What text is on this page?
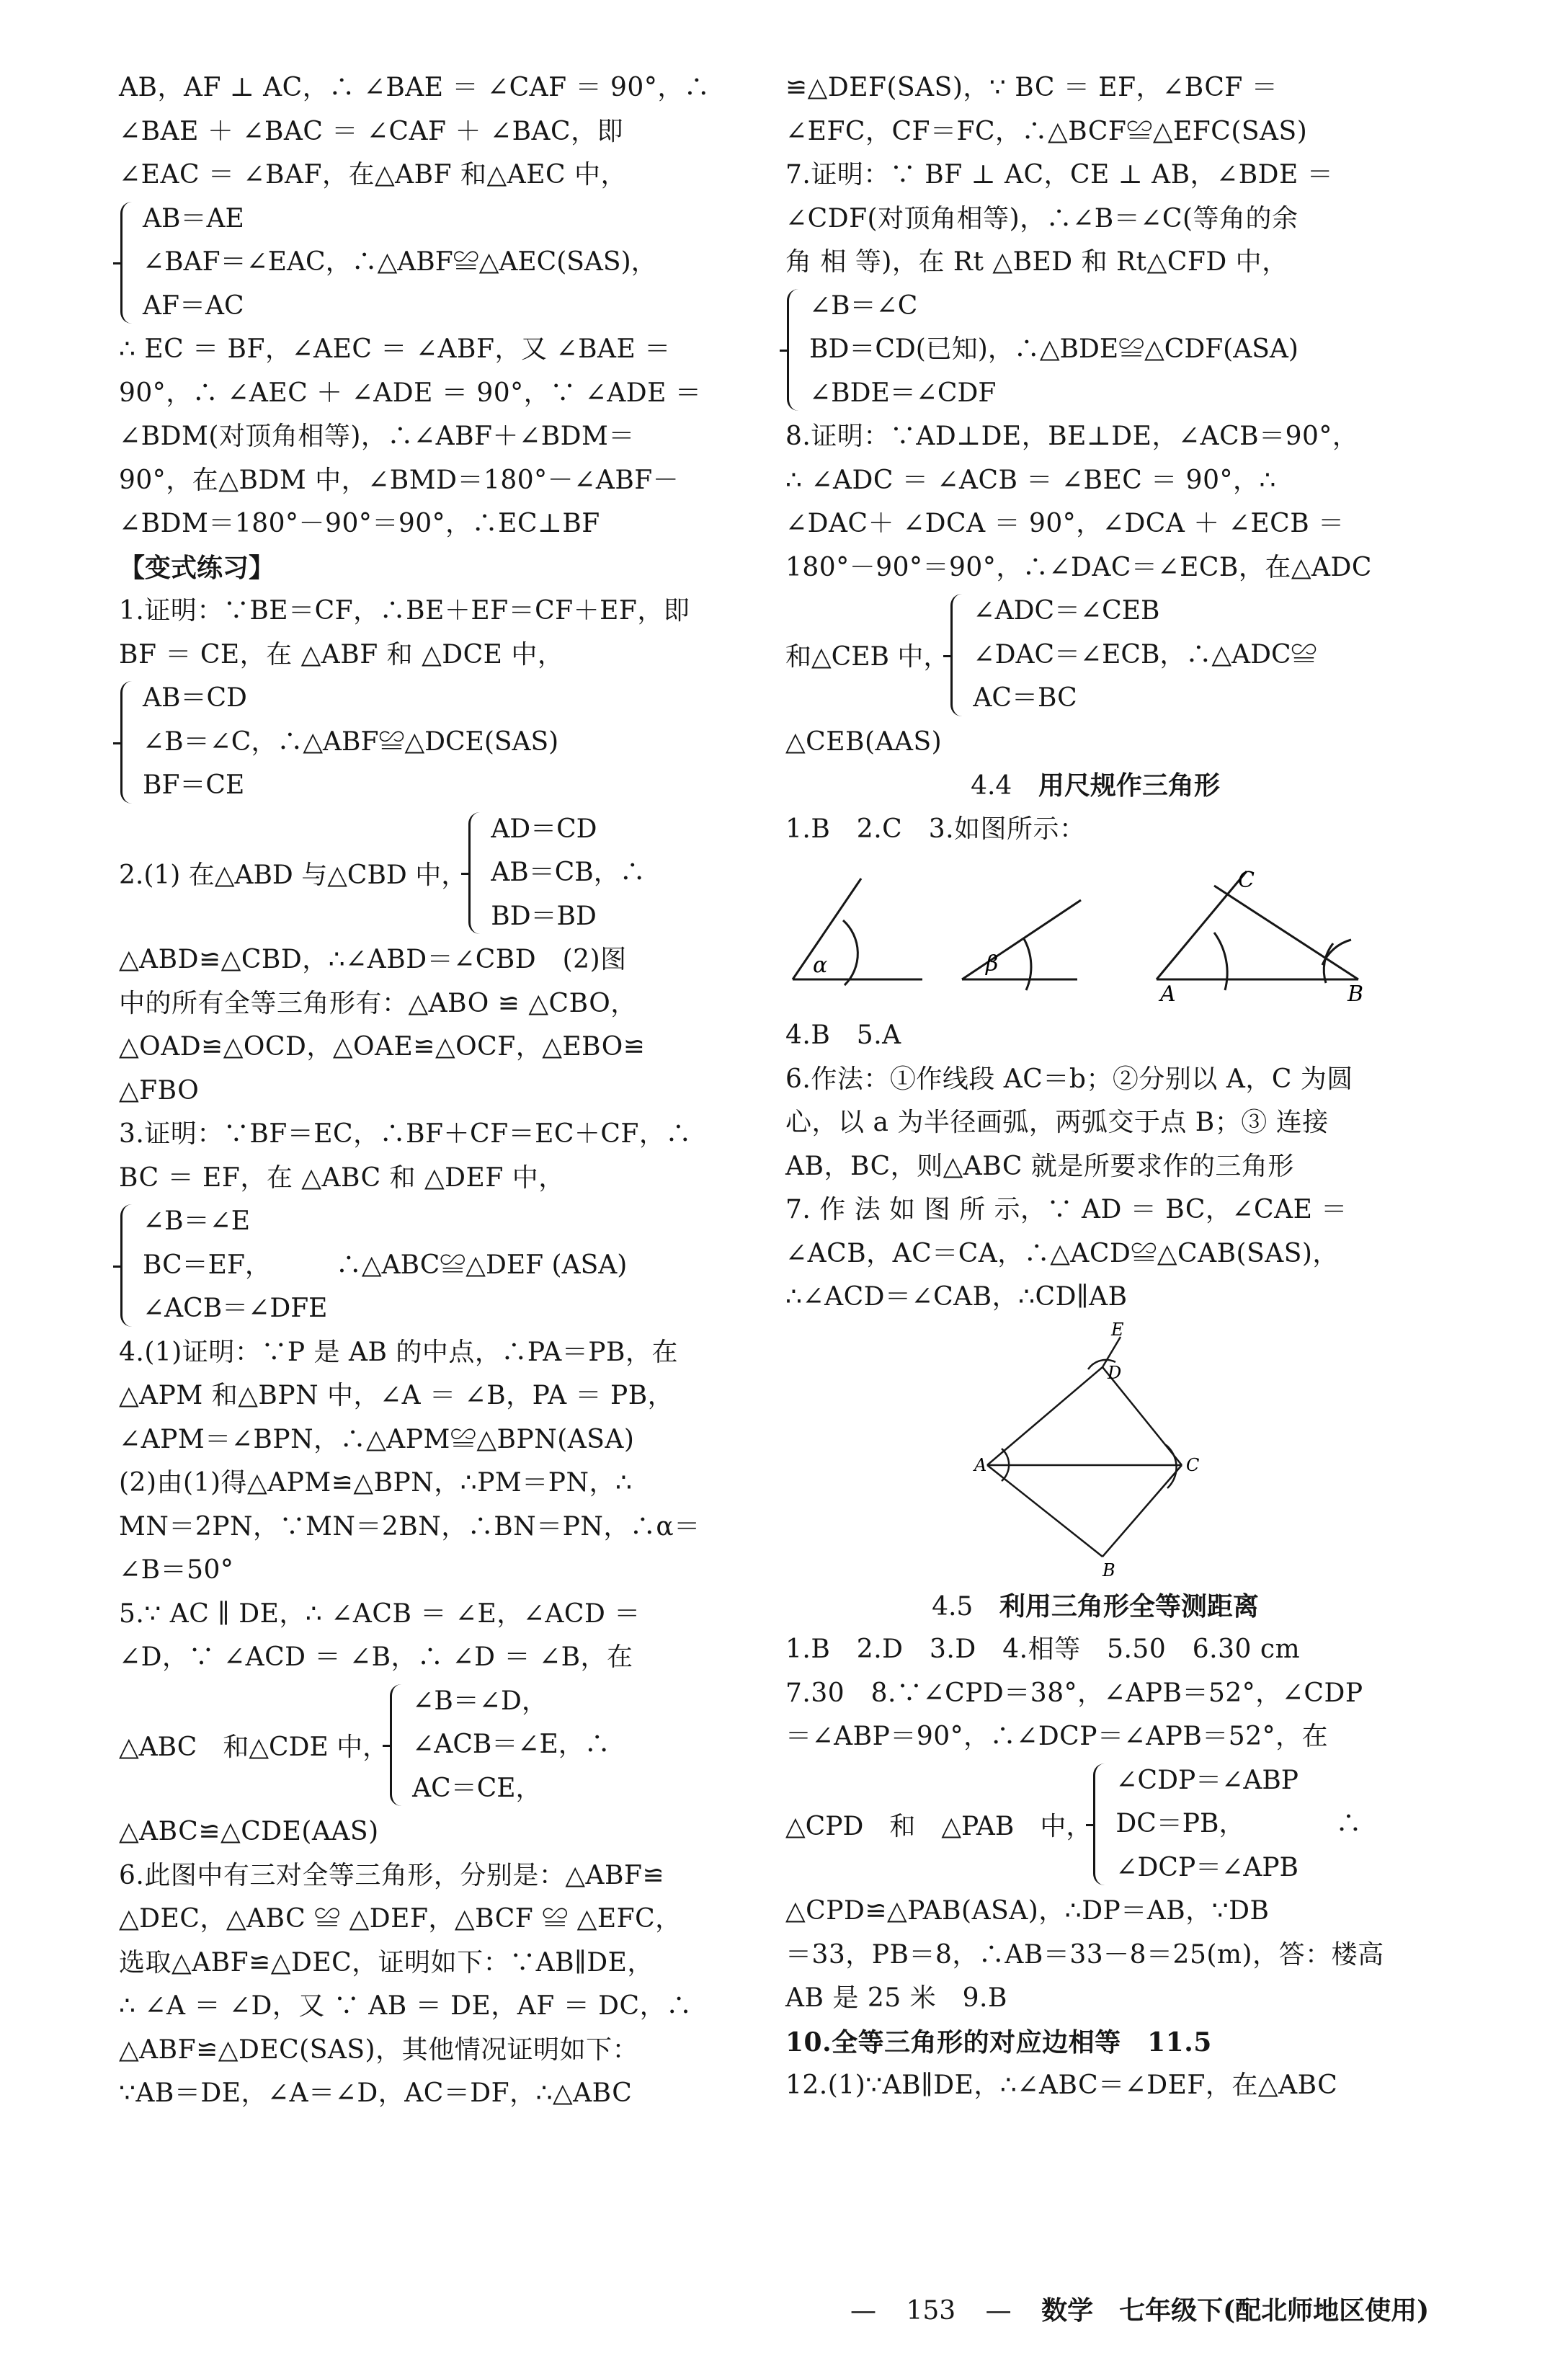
AB，AF ⊥ AC，∴ ∠BAE ＝ ∠CAF ＝ 90°，∴
∠BAE ＋ ∠BAC ＝ ∠CAF ＋ ∠BAC，即
∠EAC ＝ ∠BAF，在△ABF 和△AEC 中，
AB＝AE
∠BAF＝∠EAC，∴△ABF≌△AEC(SAS)，
AF＝AC
∴ EC ＝ BF，∠AEC ＝ ∠ABF，又 ∠BAE ＝
90°，∴ ∠AEC ＋ ∠ADE ＝ 90°，∵ ∠ADE ＝
∠BDM(对顶角相等)，∴∠ABF＋∠BDM＝
90°，在△BDM 中，∠BMD＝180°－∠ABF－
∠BDM＝180°－90°＝90°，∴EC⊥BF
【变式练习】
1.证明：∵BE＝CF，∴BE＋EF＝CF＋EF，即
BF ＝ CE，在 △ABF 和 △DCE 中，
AB＝CD
∠B＝∠C，∴△ABF≌△DCE(SAS)
BF＝CE
2.(1) 在△ABD 与△CBD 中，
AD＝CD
AB＝CB，∴
BD＝BD
△ABD≌△CBD，∴∠ABD＝∠CBD　(2)图
中的所有全等三角形有：△ABO ≌ △CBO，
△OAD≌△OCD，△OAE≌△OCF，△EBO≌
△FBO
3.证明：∵BF＝EC，∴BF＋CF＝EC＋CF，∴
BC ＝ EF，在 △ABC 和 △DEF 中，
∠B＝∠E
BC＝EF，　　　∴△ABC≌△DEF (ASA)
∠ACB＝∠DFE
4.(1)证明：∵P 是 AB 的中点，∴PA＝PB，在
△APM 和△BPN 中，∠A ＝ ∠B，PA ＝ PB，
∠APM＝∠BPN，∴△APM≌△BPN(ASA)
(2)由(1)得△APM≌△BPN，∴PM＝PN，∴
MN＝2PN，∵MN＝2BN，∴BN＝PN，∴α＝
∠B＝50°
5.∵ AC ∥ DE，∴ ∠ACB ＝ ∠E，∠ACD ＝
∠D，∵ ∠ACD ＝ ∠B，∴ ∠D ＝ ∠B，在
△ABC　和△CDE 中，
∠B＝∠D，
∠ACB＝∠E，∴
AC＝CE，
△ABC≌△CDE(AAS)
6.此图中有三对全等三角形，分别是：△ABF≌
△DEC，△ABC ≌ △DEF，△BCF ≌ △EFC，
选取△ABF≌△DEC，证明如下：∵AB∥DE，
∴ ∠A ＝ ∠D，又 ∵ AB ＝ DE，AF ＝ DC，∴
△ABF≌△DEC(SAS)，其他情况证明如下：
∵AB＝DE，∠A＝∠D，AC＝DF，∴△ABC
≌△DEF(SAS)，∵ BC ＝ EF，∠BCF ＝
∠EFC，CF＝FC，∴△BCF≌△EFC(SAS)
7.证明：∵ BF ⊥ AC，CE ⊥ AB，∠BDE ＝
∠CDF(对顶角相等)，∴∠B＝∠C(等角的余
角 相 等)，在 Rt △BED 和 Rt△CFD 中，
∠B＝∠C
BD＝CD(已知)，∴△BDE≌△CDF(ASA)
∠BDE＝∠CDF
8.证明：∵AD⊥DE，BE⊥DE，∠ACB＝90°，
∴ ∠ADC ＝ ∠ACB ＝ ∠BEC ＝ 90°，∴
∠DAC＋ ∠DCA ＝ 90°，∠DCA ＋ ∠ECB ＝
180°－90°＝90°，∴∠DAC＝∠ECB，在△ADC
和△CEB 中，
∠ADC＝∠CEB
∠DAC＝∠ECB，∴△ADC≌
AC＝BC
△CEB(AAS)
4.4 用尺规作三角形
1.B　2.C　3.如图所示：
α	β
A	B
C
4.B　5.A
6.作法：①作线段 AC＝b；②分别以 A，C 为圆
心，以 a 为半径画弧，两弧交于点 B；③ 连接
AB，BC，则△ABC 就是所要求作的三角形
7. 作 法 如 图 所 示，∵ AD ＝ BC，∠CAE ＝
∠ACB，AC＝CA，∴△ACD≌△CAB(SAS)，
∴∠ACD＝∠CAB，∴CD∥AB
E
D
A	C
B
4.5 利用三角形全等测距离
1.B　2.D　3.D　4.相等　5.50　6.30 cm
7.30　8.∵∠CPD＝38°，∠APB＝52°，∠CDP
＝∠ABP＝90°，∴∠DCP＝∠APB＝52°，在
△CPD　和　△PAB　中，
∠CDP＝∠ABP
DC＝PB，　　　　∴
∠DCP＝∠APB
△CPD≌△PAB(ASA)，∴DP＝AB，∵DB
＝33，PB＝8，∴AB＝33－8＝25(m)，答：楼高
AB 是 25 米　9.B
10.全等三角形的对应边相等　11.5
12.(1)∵AB∥DE，∴∠ABC＝∠DEF，在△ABC
— 153 — 数学　七年级下(配北师地区使用)
